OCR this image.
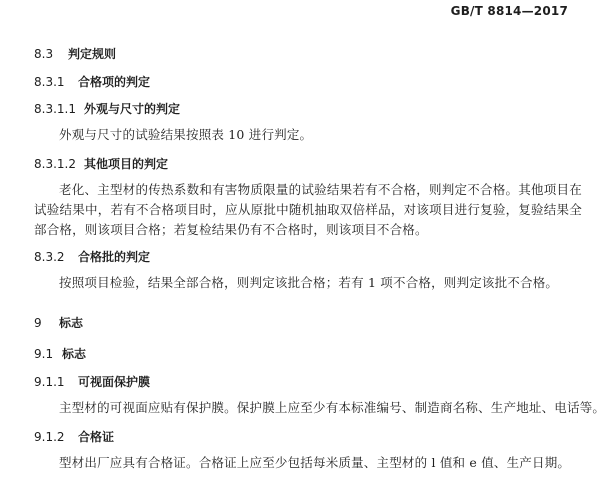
GB/T 8814—2017
8.3 判定规则
8.3.1 合格项的判定
8.3.1.1 外观与尺寸的判定
外观与尺寸的试验结果按照表 10 进行判定。
8.3.1.2 其他项目的判定
老化、主型材的传热系数和有害物质限量的试验结果若有不合格，则判定不合格。其他项目在试验结果中，若有不合格项目时，应从原批中随机抽取双倍样品，对该项目进行复验，复验结果全部合格，则该项目合格；若复检结果仍有不合格时，则该项目不合格。
8.3.2 合格批的判定
按照项目检验，结果全部合格，则判定该批合格；若有 1 项不合格，则判定该批不合格。
9 标志
9.1 标志
9.1.1 可视面保护膜
主型材的可视面应贴有保护膜。保护膜上应至少有本标准编号、制造商名称、生产地址、电话等。
9.1.2 合格证
型材出厂应具有合格证。合格证上应至少包括每米质量、主型材的 l 值和 e 值、生产日期。
